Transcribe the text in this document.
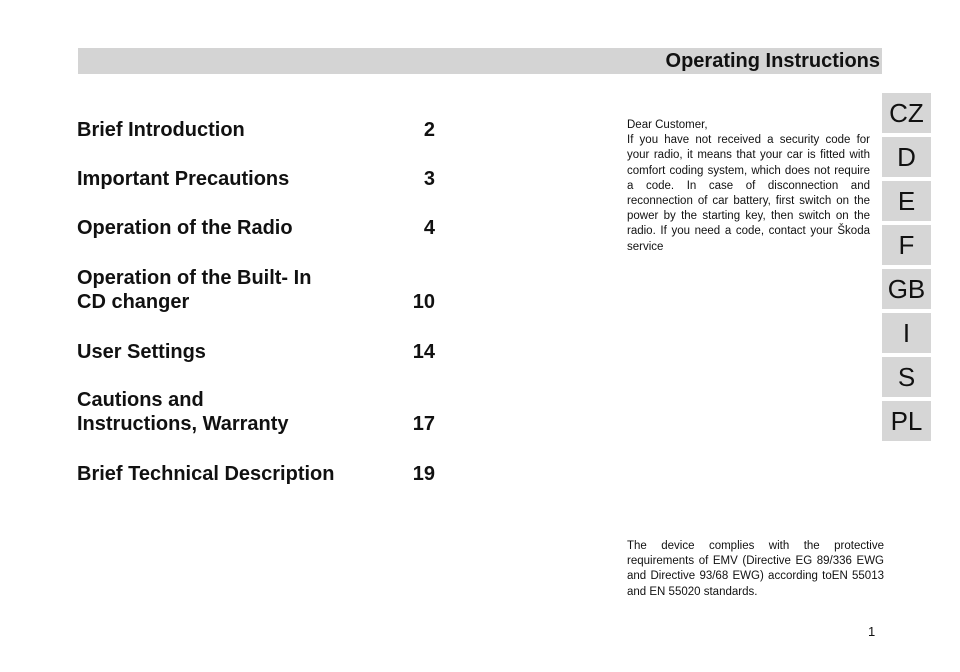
Operating Instructions
Brief Introduction	2
Important Precautions	3
Operation of the Radio	4
Operation of the Built- In CD changer	10
User Settings	14
Cautions and Instructions, Warranty	17
Brief Technical Description	19

Dear Customer,

If you have not received a security code for your radio, it means that your car is fitted with comfort coding system, which does not require a code. In case of disconnection and reconnection of car battery, first switch on the power by the starting key, then switch on the radio. If you need a code, contact your Škoda service

The device complies with the protective requirements of EMV (Directive EG 89/336 EWG and Directive 93/68 EWG) according toEN 55013 and EN 55020 standards.
CZ
D
E
F
GB
I
S
PL
1
